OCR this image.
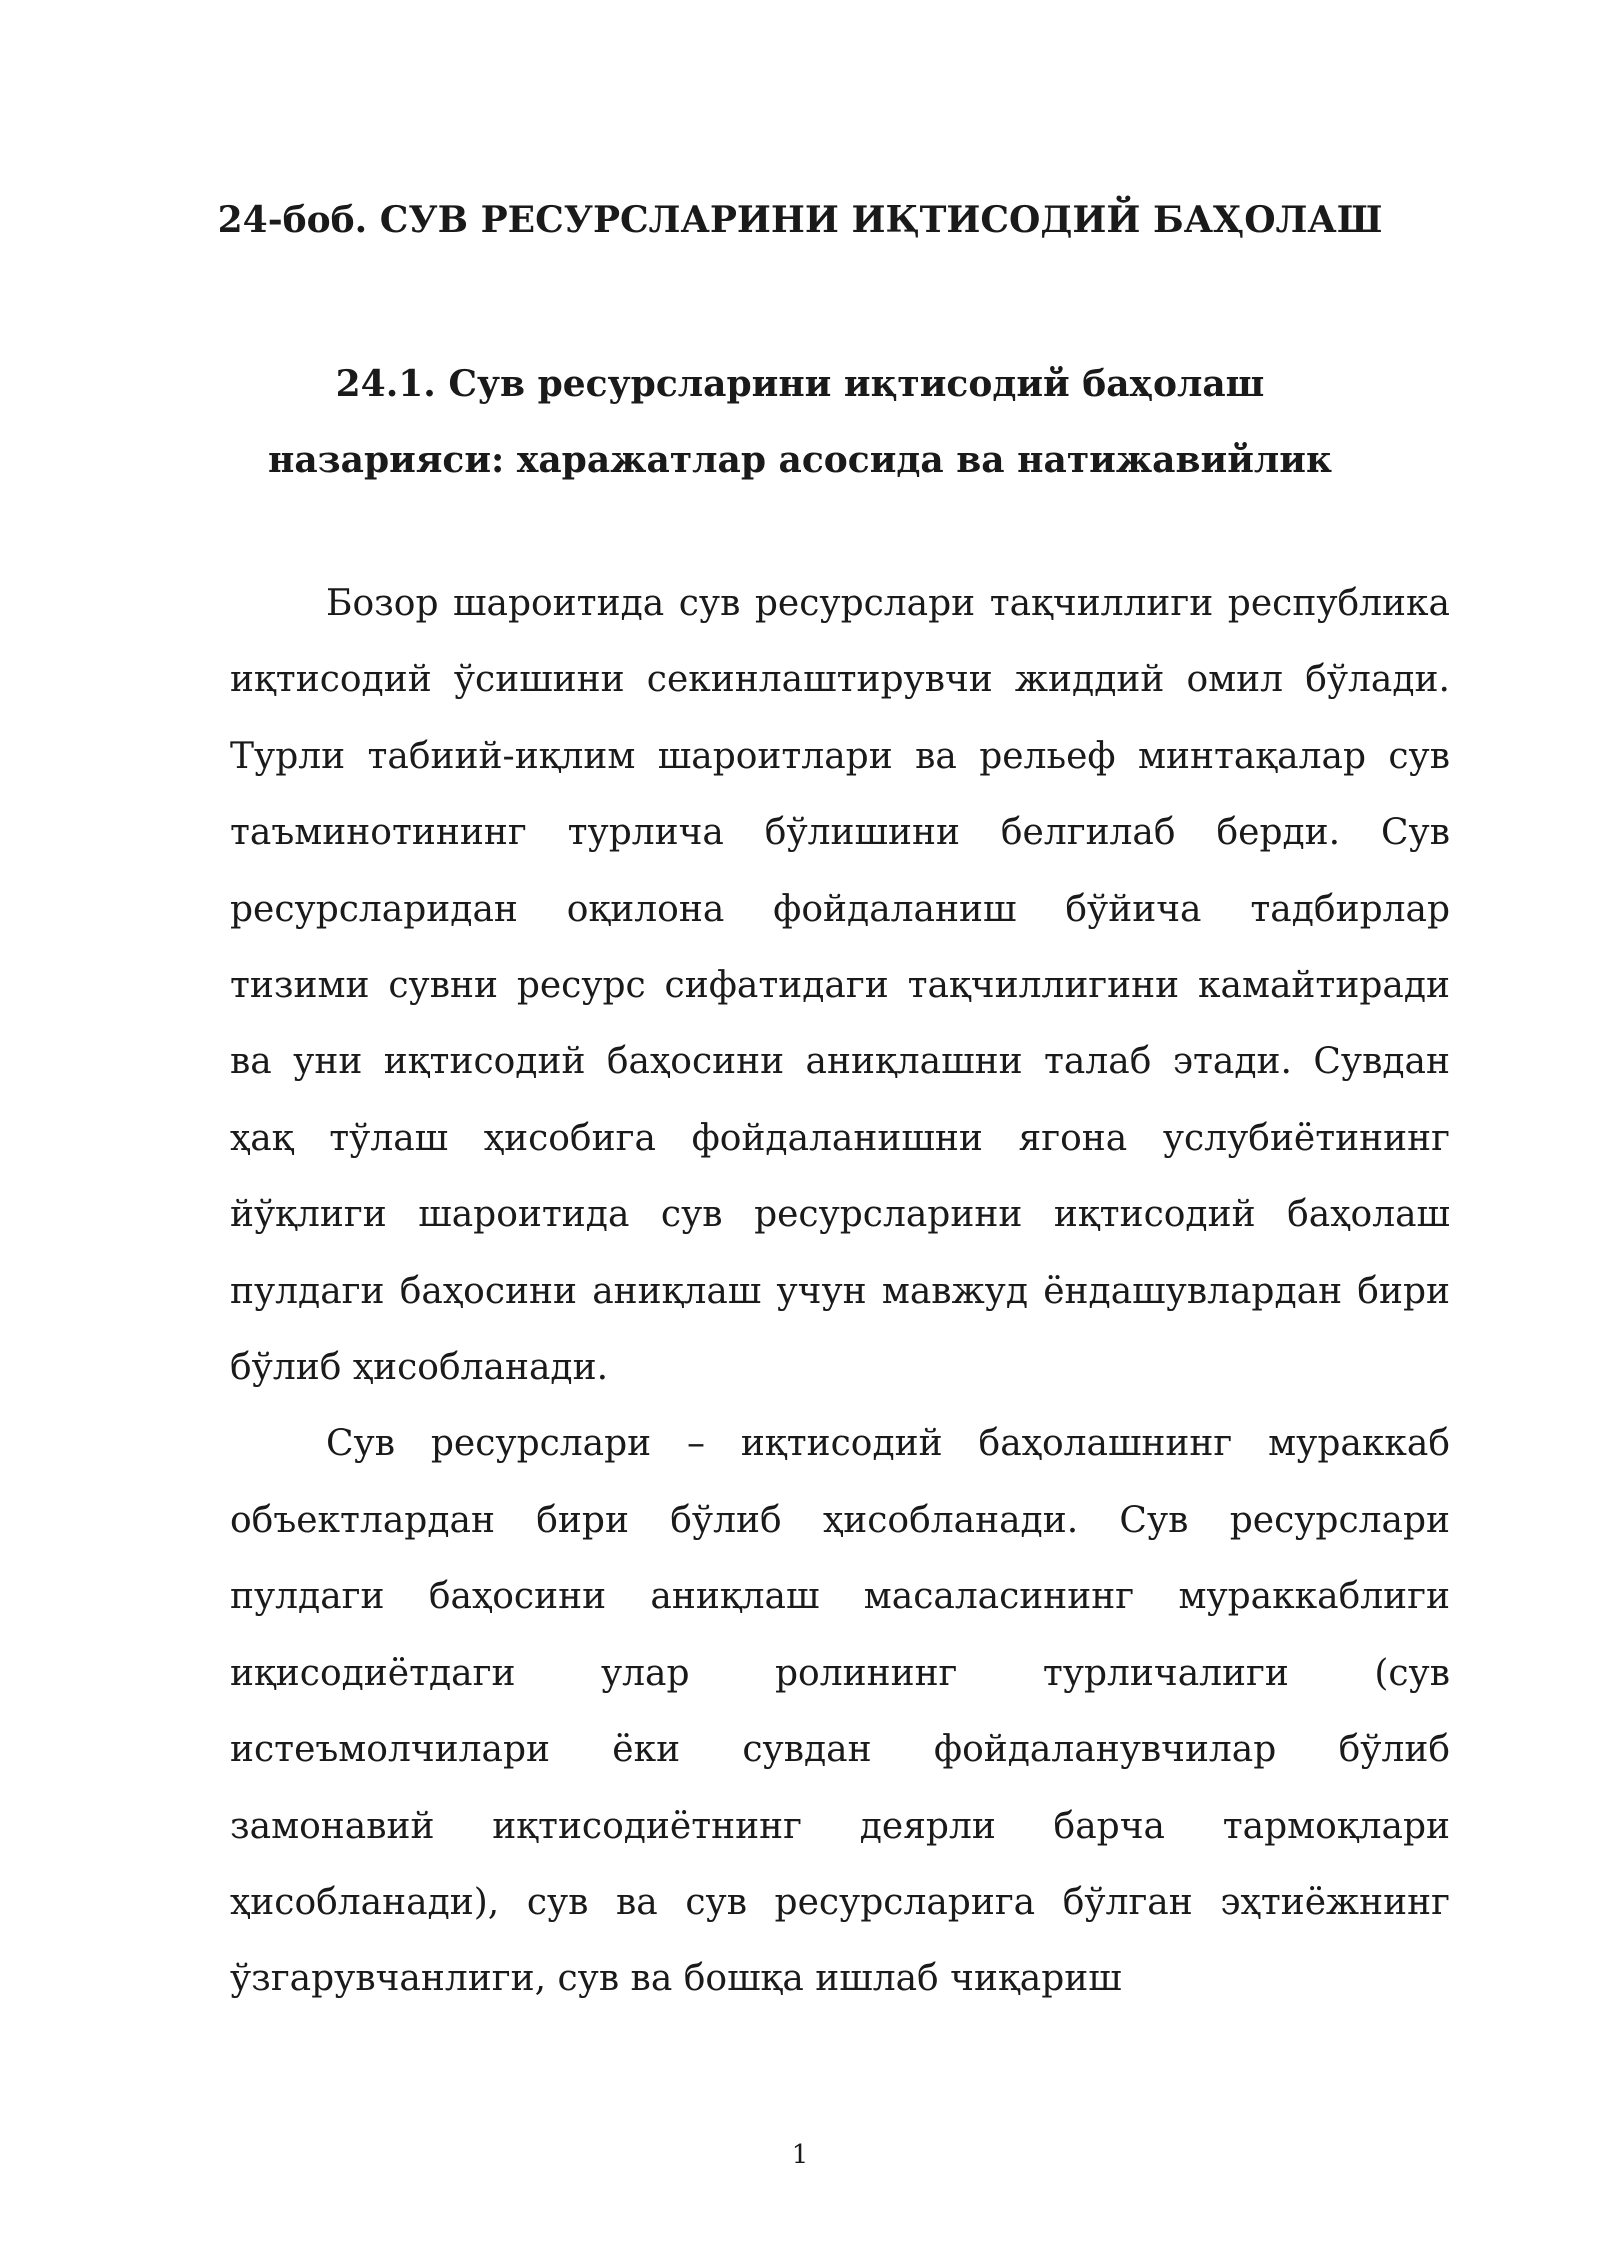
24-боб. СУВ РЕСУРСЛАРИНИ ИҚТИСОДИЙ БАҲОЛАШ
24.1. Сув ресурсларини иқтисодий баҳолаш назарияси: харажатлар асосида ва натижавийлик

Бозор шароитида сув ресурслари тақчиллиги республика иқтисодий ўсишини секинлаштирувчи жиддий омил бўлади. Турли табиий-иқлим шароитлари ва рельеф минтақалар сув таъминотининг турлича бўлишини белгилаб берди. Сув ресурсларидан оқилона фойдаланиш бўйича тадбирлар тизими сувни ресурс сифатидаги тақчиллигини камайтиради ва уни иқтисодий баҳосини аниқлашни талаб этади. Сувдан ҳақ тўлаш ҳисобига фойдаланишни ягона услубиётининг йўқлиги шароитида сув ресурсларини иқтисодий баҳолаш пулдаги баҳосини аниқлаш учун мавжуд ёндашувлардан бири бўлиб ҳисобланади.

Сув ресурслари – иқтисодий баҳолашнинг мураккаб объектлардан бири бўлиб ҳисобланади. Сув ресурслари пулдаги баҳосини аниқлаш масаласининг мураккаблиги иқисодиётдаги улар ролининг турличалиги (сув истеъмолчилари ёки сувдан фойдаланувчилар бўлиб замонавий иқтисодиётнинг деярли барча тармоқлари ҳисобланади), сув ва сув ресурсларига бўлган эҳтиёжнинг ўзгарувчанлиги, сув ва бошқа ишлаб чиқариш

1
